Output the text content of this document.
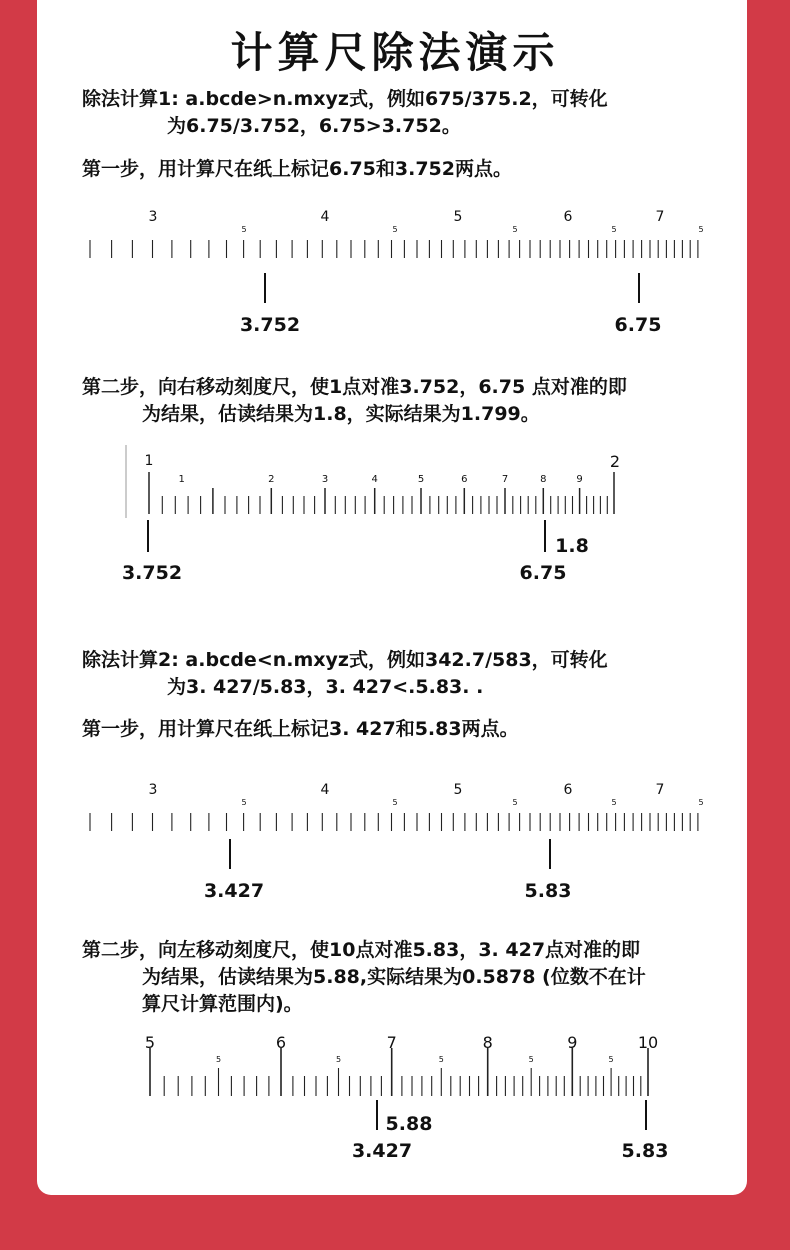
计算尺除法演示
除法计算1: a.bcde>n.mxyz式，例如675/375.2，可转化
为6.75/3.752，6.75>3.752。
第一步，用计算尺在纸上标记6.75和3.752两点。
3	4	5	6	7
5	5	5	5	5
3.752	6.75
第二步，向右移动刻度尺，使1点对准3.752，6.75 点对准的即
为结果，估读结果为1.8，实际结果为1.799。
1	2
1	2	3	4	5	6	7	8	9
1.8
3.752	6.75
除法计算2: a.bcde<n.mxyz式，例如342.7/583，可转化
为3. 427/5.83，3. 427<.5.83. .
第一步，用计算尺在纸上标记3. 427和5.83两点。
3	4	5	6	7
5	5	5	5	5
3.427	5.83
第二步，向左移动刻度尺，使10点对准5.83，3. 427点对准的即
为结果，估读结果为5.88,实际结果为0.5878 (位数不在计
算尺计算范围内)。
5
5
6
5
7
5
8
5
9
5
10
5.88
3.427	5.83
